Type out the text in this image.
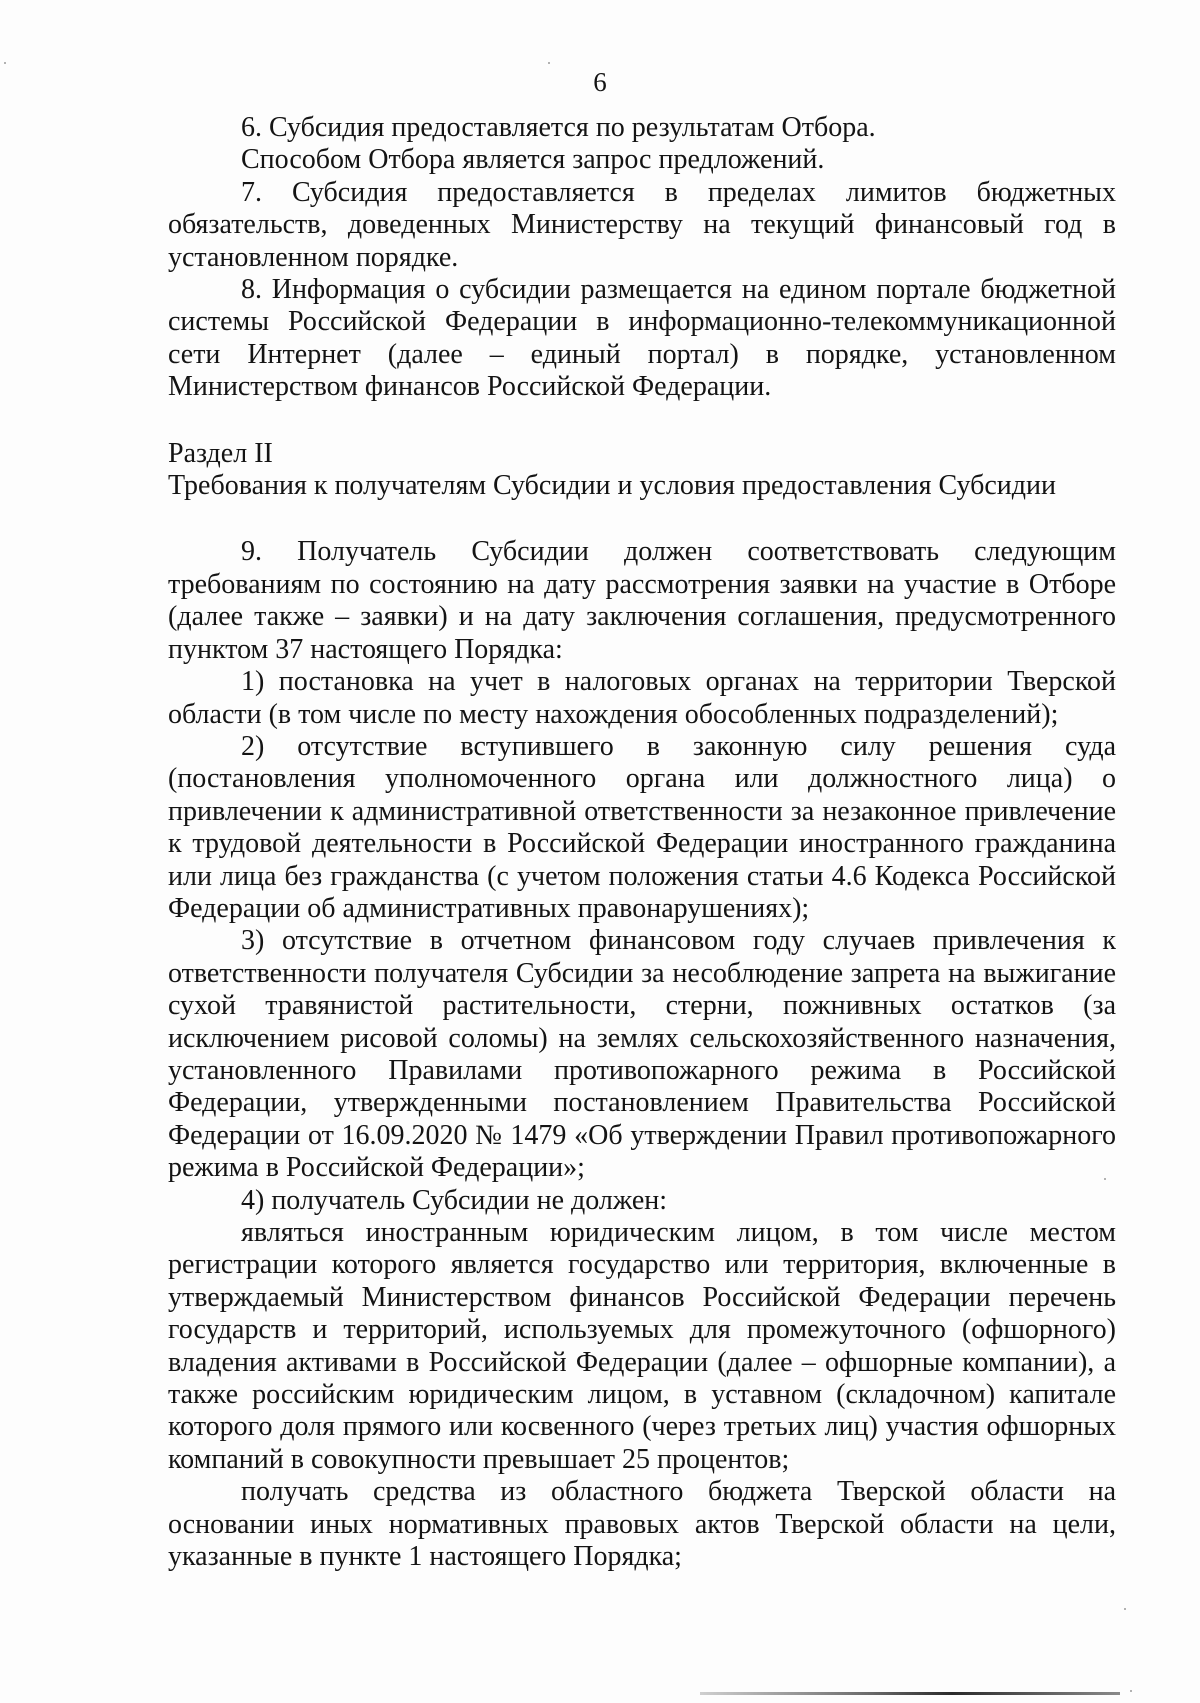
6

6. Субсидия предоставляется по результатам Отбора.

Способом Отбора является запрос предложений.

7. Субсидия предоставляется в пределах лимитов бюджетных обязательств, доведенных Министерству на текущий финансовый год в установленном порядке.

8. Информация о субсидии размещается на едином портале бюджетной системы Российской Федерации в информационно-телекоммуникационной сети Интернет (далее – единый портал) в порядке, установленном Министерством финансов Российской Федерации.

Раздел II

Требования к получателям Субсидии и условия предоставления Субсидии

9. Получатель Субсидии должен соответствовать следующим требованиям по состоянию на дату рассмотрения заявки на участие в Отборе (далее также – заявки) и на дату заключения соглашения, предусмотренного пунктом 37 настоящего Порядка:

1) постановка на учет в налоговых органах на территории Тверской области (в том числе по месту нахождения обособленных подразделений);

2) отсутствие вступившего в законную силу решения суда (постановления уполномоченного органа или должностного лица) о привлечении к административной ответственности за незаконное привлечение к трудовой деятельности в Российской Федерации иностранного гражданина или лица без гражданства (с учетом положения статьи 4.6 Кодекса Российской Федерации об административных правонарушениях);

3) отсутствие в отчетном финансовом году случаев привлечения к ответственности получателя Субсидии за несоблюдение запрета на выжигание сухой травянистой растительности, стерни, пожнивных остатков (за исключением рисовой соломы) на землях сельскохозяйственного назначения, установленного Правилами противопожарного режима в Российской Федерации, утвержденными постановлением Правительства Российской Федерации от 16.09.2020 № 1479 «Об утверждении Правил противопожарного режима в Российской Федерации»;

4) получатель Субсидии не должен:

являться иностранным юридическим лицом, в том числе местом регистрации которого является государство или территория, включенные в утверждаемый Министерством финансов Российской Федерации перечень государств и территорий, используемых для промежуточного (офшорного) владения активами в Российской Федерации (далее – офшорные компании), а также российским юридическим лицом, в уставном (складочном) капитале которого доля прямого или косвенного (через третьих лиц) участия офшорных компаний в совокупности превышает 25 процентов;

получать средства из областного бюджета Тверской области на основании иных нормативных правовых актов Тверской области на цели, указанные в пункте 1 настоящего Порядка;
